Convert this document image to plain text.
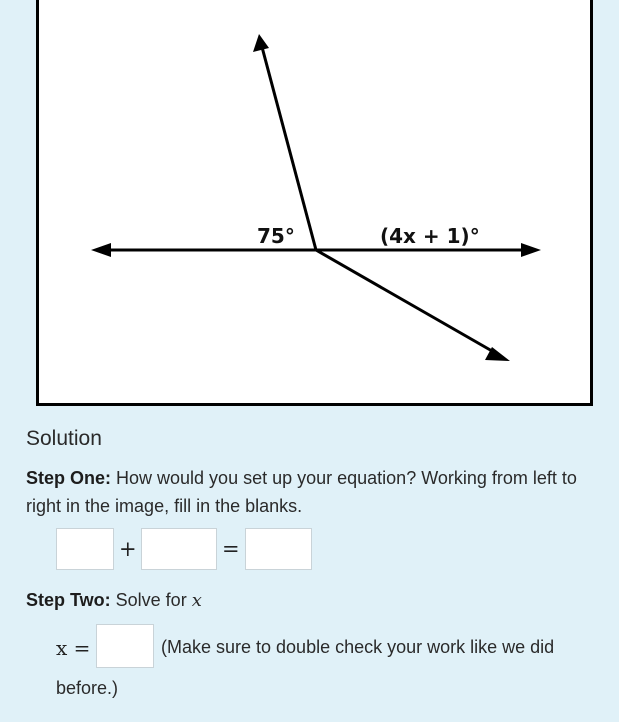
75°	(4x + 1)°
Solution
Step One: How would you set up your equation? Working from left to right in the image, fill in the blanks.
+	=
Step Two: Solve for x
x =	(Make sure to double check your work like we did
before.)
